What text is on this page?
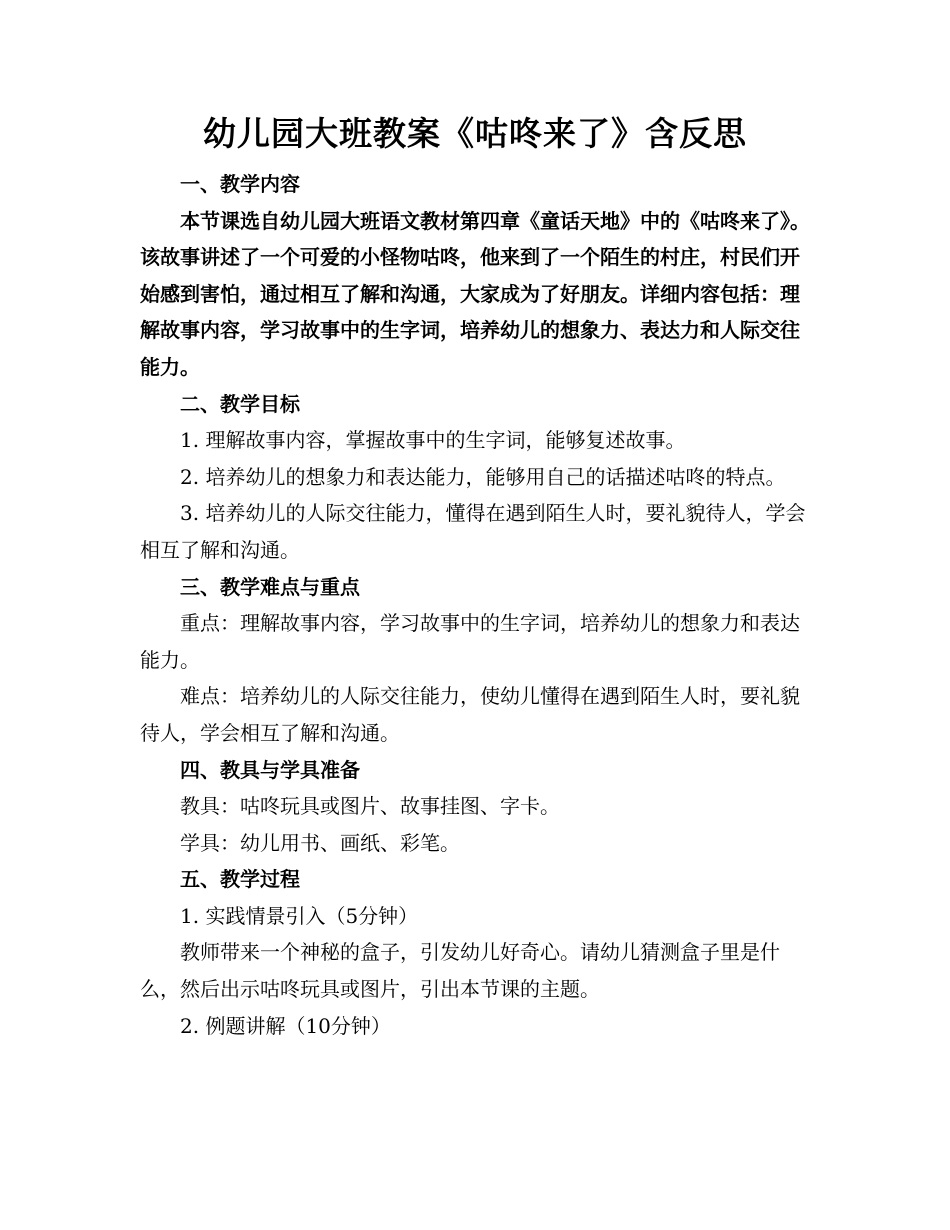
幼儿园大班教案《咕咚来了》含反思

一、教学内容

本节课选自幼儿园大班语文教材第四章《童话天地》中的《咕咚来了》。该故事讲述了一个可爱的小怪物咕咚，他来到了一个陌生的村庄，村民们开始感到害怕，通过相互了解和沟通，大家成为了好朋友。详细内容包括：理解故事内容，学习故事中的生字词，培养幼儿的想象力、表达力和人际交往能力。

二、教学目标

1. 理解故事内容，掌握故事中的生字词，能够复述故事。

2. 培养幼儿的想象力和表达能力，能够用自己的话描述咕咚的特点。

3. 培养幼儿的人际交往能力，懂得在遇到陌生人时，要礼貌待人，学会相互了解和沟通。

三、教学难点与重点

重点：理解故事内容，学习故事中的生字词，培养幼儿的想象力和表达能力。

难点：培养幼儿的人际交往能力，使幼儿懂得在遇到陌生人时，要礼貌待人，学会相互了解和沟通。

四、教具与学具准备

教具：咕咚玩具或图片、故事挂图、字卡。

学具：幼儿用书、画纸、彩笔。

五、教学过程

1. 实践情景引入（5分钟）

教师带来一个神秘的盒子，引发幼儿好奇心。请幼儿猜测盒子里是什么，然后出示咕咚玩具或图片，引出本节课的主题。

2. 例题讲解（10分钟）
